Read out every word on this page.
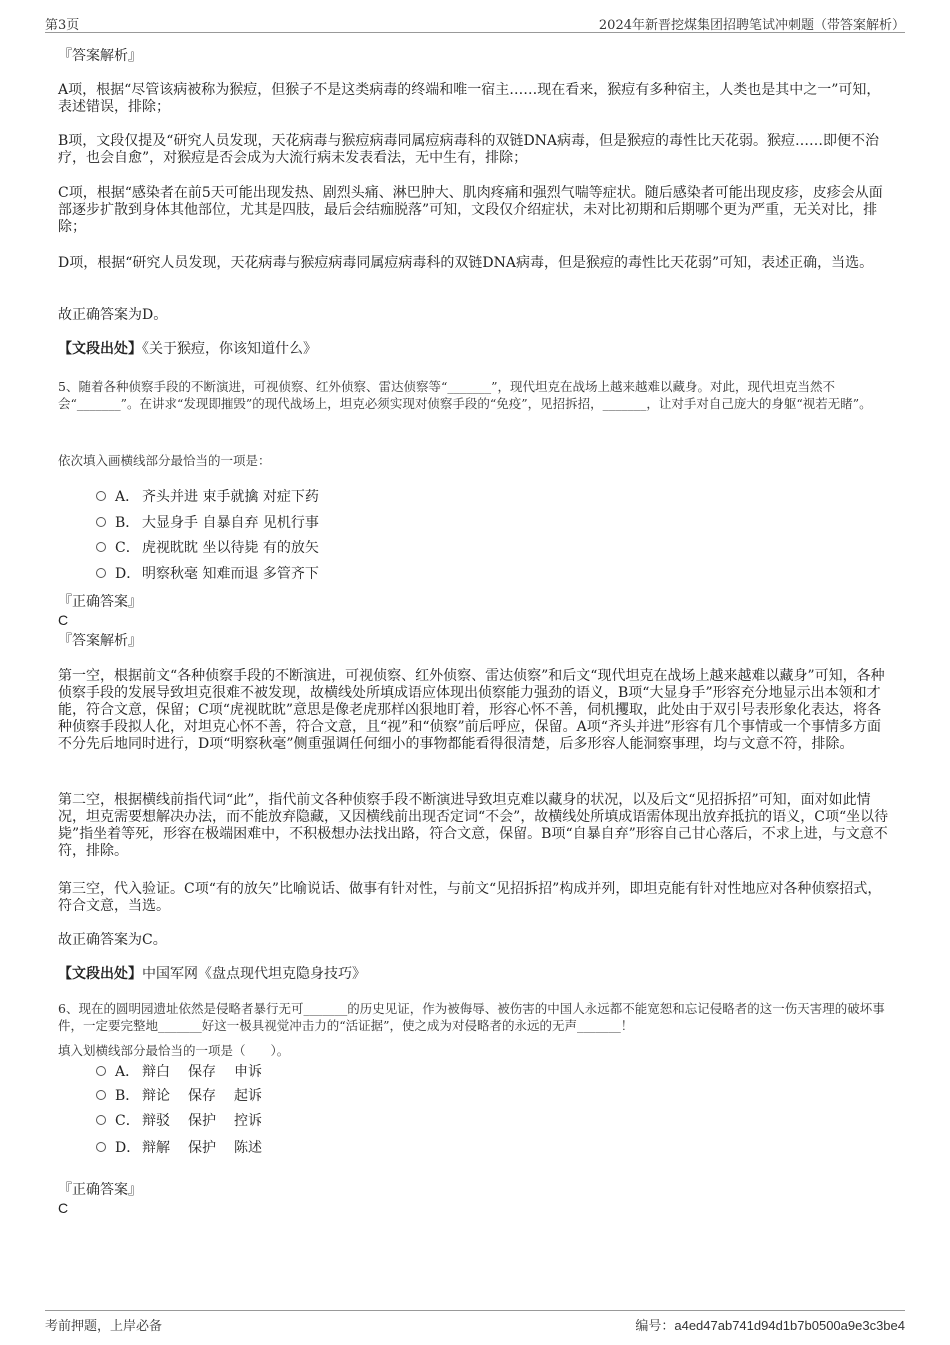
第3页	2024年新晋挖煤集团招聘笔试冲刺题（带答案解析）
『答案解析』
A项，根据“尽管该病被称为猴痘，但猴子不是这类病毒的终端和唯一宿主……现在看来，猴痘有多种宿主，人类也是其中之一”可知，表述错误，排除；
B项，文段仅提及“研究人员发现，天花病毒与猴痘病毒同属痘病毒科的双链DNA病毒，但是猴痘的毒性比天花弱。猴痘……即便不治疗，也会自愈”，对猴痘是否会成为大流行病未发表看法，无中生有，排除；
C项，根据“感染者在前5天可能出现发热、剧烈头痛、淋巴肿大、肌肉疼痛和强烈气喘等症状。随后感染者可能出现皮疹，皮疹会从面部逐步扩散到身体其他部位，尤其是四肢，最后会结痂脱落”可知，文段仅介绍症状，未对比初期和后期哪个更为严重，无关对比，排除；
D项，根据“研究人员发现，天花病毒与猴痘病毒同属痘病毒科的双链DNA病毒，但是猴痘的毒性比天花弱”可知，表述正确，当选。
故正确答案为D。
【文段出处】《关于猴痘，你该知道什么》
5、随着各种侦察手段的不断演进，可视侦察、红外侦察、雷达侦察等“_______”，现代坦克在战场上越来越难以藏身。对此，现代坦克当然不会“_______”。在讲求“发现即摧毁”的现代战场上，坦克必须实现对侦察手段的“免疫”，见招拆招，_______，让对手对自己庞大的身躯“视若无睹”。
依次填入画横线部分最恰当的一项是：
A． 齐头并进 束手就擒 对症下药
B． 大显身手 自暴自弃 见机行事
C． 虎视眈眈 坐以待毙 有的放矢
D． 明察秋毫 知难而退 多管齐下
『正确答案』
C
『答案解析』
第一空，根据前文“各种侦察手段的不断演进，可视侦察、红外侦察、雷达侦察”和后文“现代坦克在战场上越来越难以藏身”可知，各种侦察手段的发展导致坦克很难不被发现，故横线处所填成语应体现出侦察能力强劲的语义，B项“大显身手”形容充分地显示出本领和才能，符合文意，保留；C项“虎视眈眈”意思是像老虎那样凶狠地盯着，形容心怀不善，伺机攫取，此处由于双引号表形象化表达，将各种侦察手段拟人化，对坦克心怀不善，符合文意，且“视”和“侦察”前后呼应，保留。A项“齐头并进”形容有几个事情或一个事情多方面不分先后地同时进行，D项“明察秋毫”侧重强调任何细小的事物都能看得很清楚，后多形容人能洞察事理，均与文意不符，排除。
第二空，根据横线前指代词“此”，指代前文各种侦察手段不断演进导致坦克难以藏身的状况，以及后文“见招拆招”可知，面对如此情况，坦克需要想解决办法，而不能放弃隐藏，又因横线前出现否定词“不会”，故横线处所填成语需体现出放弃抵抗的语义，C项“坐以待毙”指坐着等死，形容在极端困难中，不积极想办法找出路，符合文意，保留。B项“自暴自弃”形容自己甘心落后，不求上进，与文意不符，排除。
第三空，代入验证。C项“有的放矢”比喻说话、做事有针对性，与前文“见招拆招”构成并列，即坦克能有针对性地应对各种侦察招式，符合文意，当选。
故正确答案为C。
【文段出处】中国军网《盘点现代坦克隐身技巧》
6、现在的圆明园遗址依然是侵略者暴行无可_______的历史见证，作为被侮辱、被伤害的中国人永远都不能宽恕和忘记侵略者的这一伤天害理的破坏事件，一定要完整地_______好这一极具视觉冲击力的“活证据”，使之成为对侵略者的永远的无声_______！
填入划横线部分最恰当的一项是（　　）。
A． 辩白 保存 申诉
B． 辩论 保存 起诉
C． 辩驳 保护 控诉
D． 辩解 保护 陈述
『正确答案』
C
考前押题，上岸必备	编号：a4ed47ab741d94d1b7b0500a9e3c3be4
